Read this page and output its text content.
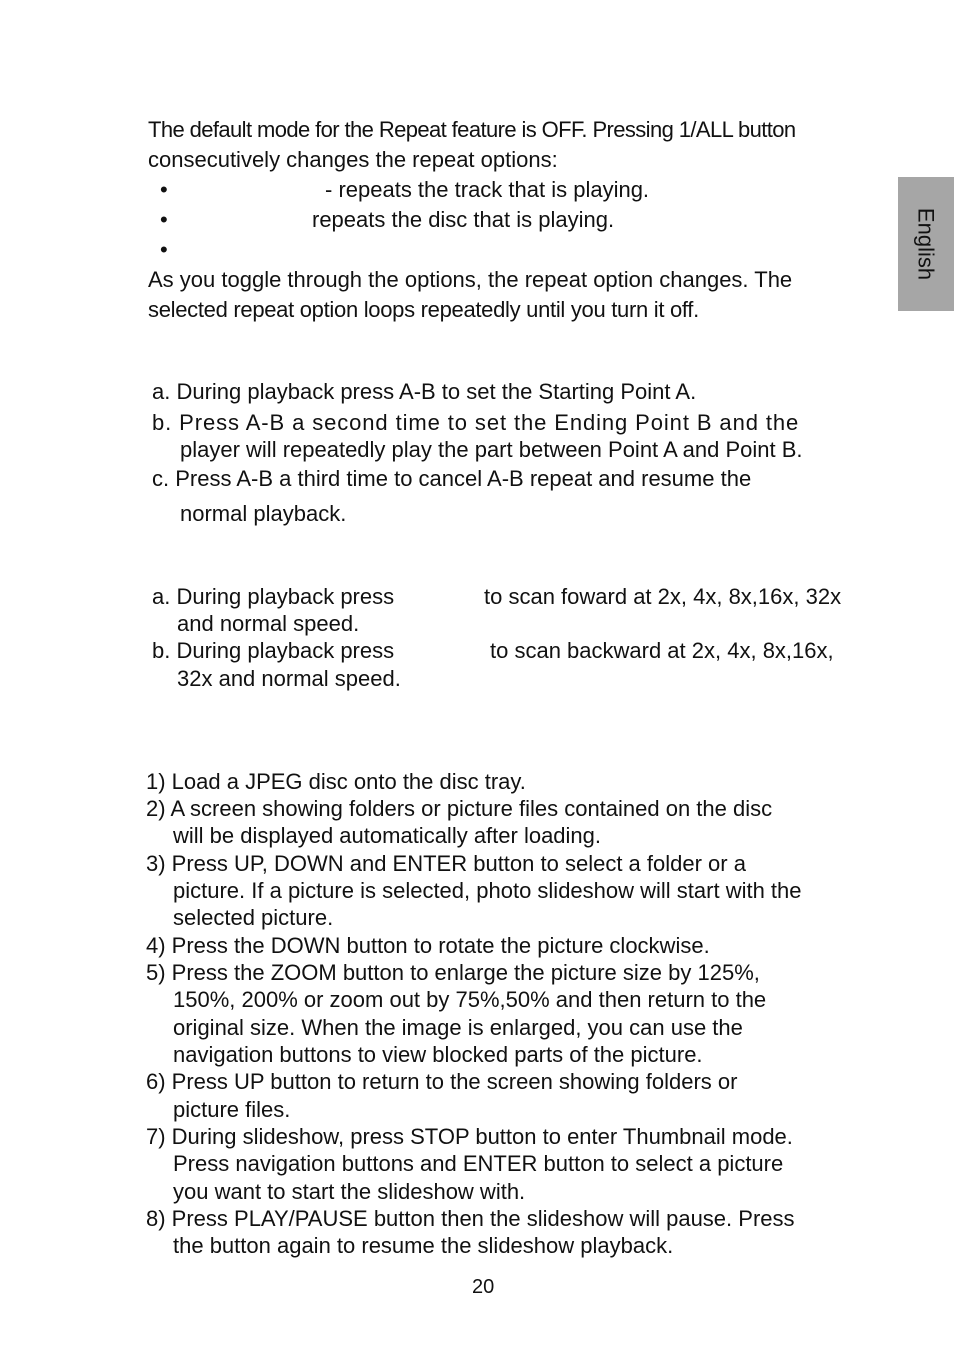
English
The default mode for the Repeat feature is OFF. Pressing 1/ALL button
consecutively changes the repeat options:
•	- repeats the track that is playing.
•	repeats the disc that is playing.
•
As you toggle through the options, the repeat option changes. The
selected repeat option loops repeatedly until you turn it off.
a. During playback press A-B to set the Starting Point A.
b. Press A-B a second time to set the Ending Point B and the
player will repeatedly play the part between Point A and Point B.
c. Press A-B a third time to cancel A-B repeat and resume the
normal playback.
a. During playback press	to scan foward at 2x, 4x, 8x,16x, 32x
and normal speed.
b. During playback press	to scan backward at 2x, 4x, 8x,16x,
32x and normal speed.
1) Load a JPEG disc onto the disc tray.
2) A screen showing folders or picture files contained on the disc
will be displayed automatically after loading.
3) Press UP, DOWN and ENTER button to select a folder or a
picture. If a picture is selected, photo slideshow will start with the
selected picture.
4) Press the DOWN button to rotate the picture clockwise.
5) Press the ZOOM button to enlarge the picture size by 125%,
150%, 200% or zoom out by 75%,50% and then return to the
original size. When the image is enlarged, you can use the
navigation buttons to view blocked parts of the picture.
6) Press UP button to return to the screen showing folders or
picture files.
7) During slideshow, press STOP button to enter Thumbnail mode.
Press navigation buttons and ENTER button to select a picture
you want to start the slideshow with.
8) Press PLAY/PAUSE button then the slideshow will pause. Press
the button again to resume the slideshow playback.
20
